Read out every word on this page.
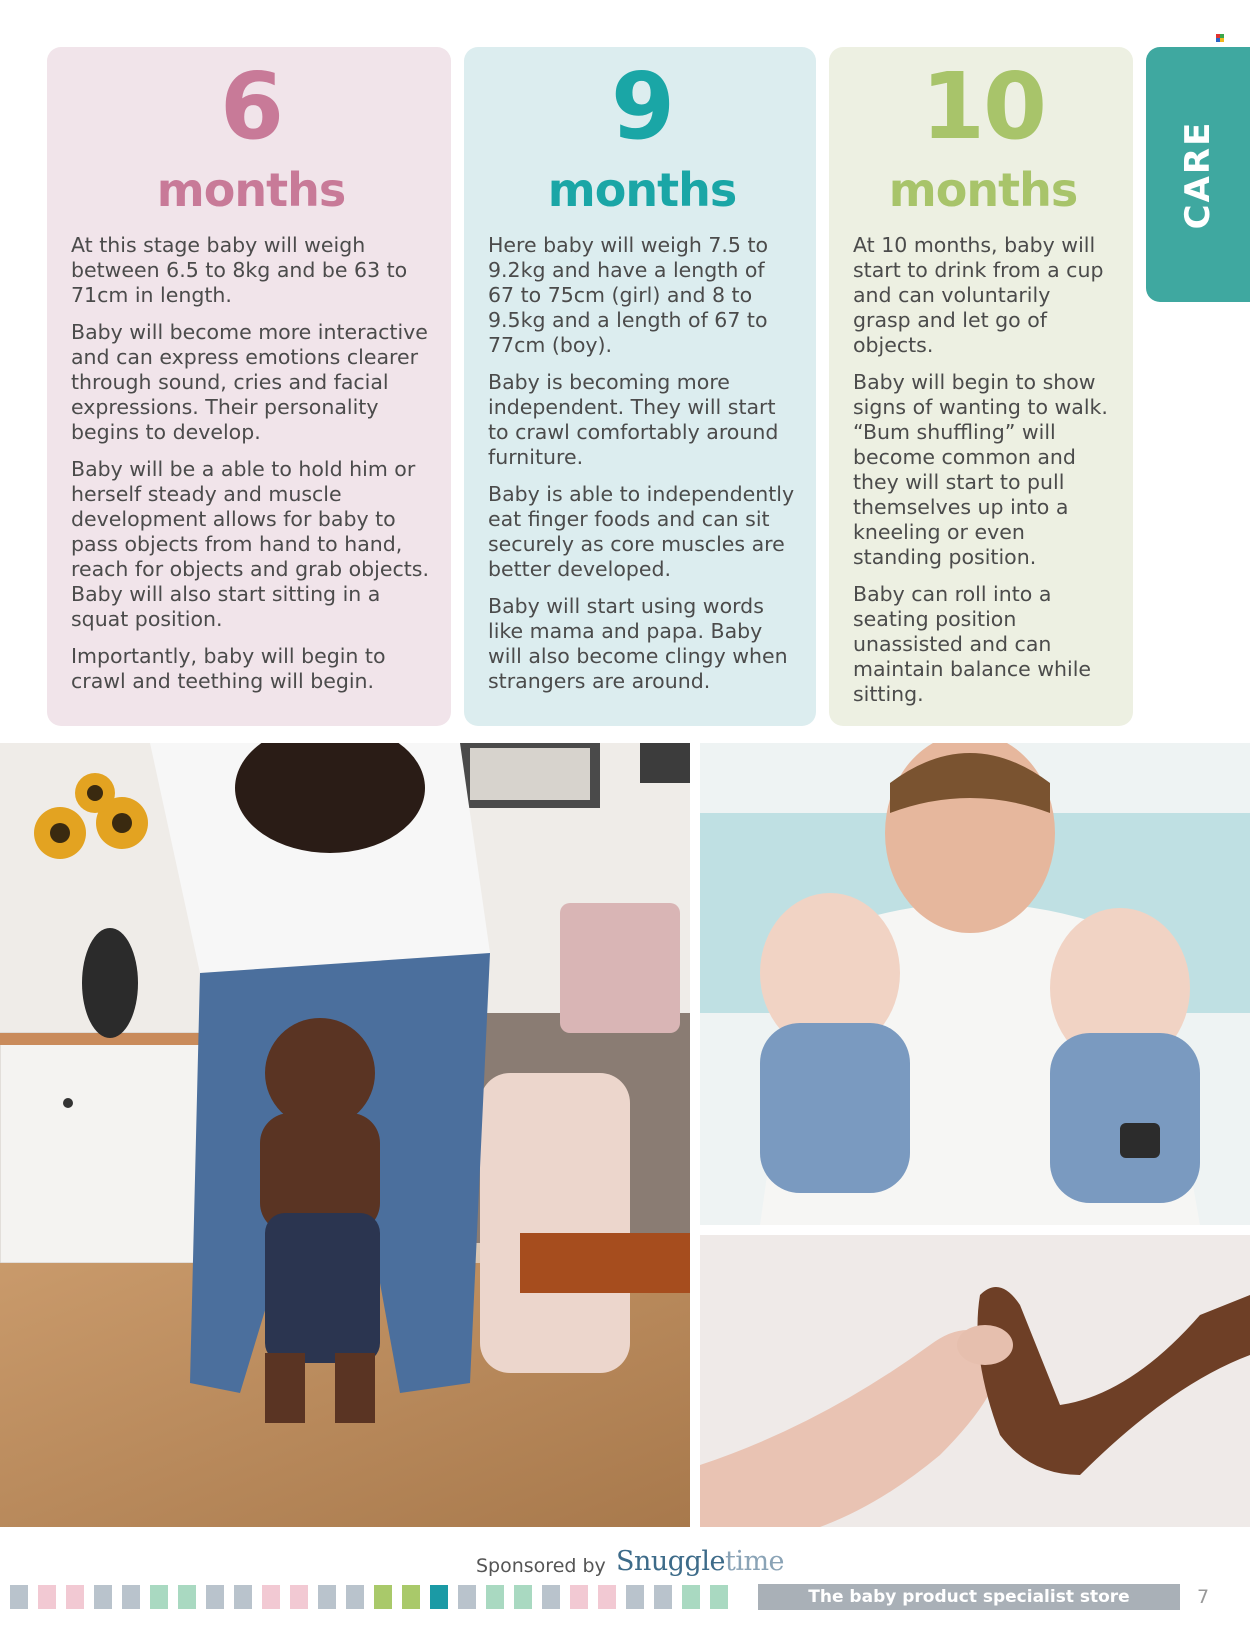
6
months

At this stage baby will weigh between 6.5 to 8kg and be 63 to 71cm in length.

Baby will become more interactive and can express emotions clearer through sound, cries and facial expressions. Their personality begins to develop.

Baby will be a able to hold him or herself steady and muscle development allows for baby to pass objects from hand to hand, reach for objects and grab objects. Baby will also start sitting in a squat position.

Importantly, baby will begin to crawl and teething will begin.

9
months

Here baby will weigh 7.5 to 9.2kg and have a length of 67 to 75cm (girl) and 8 to 9.5kg and a length of 67 to 77cm (boy).

Baby is becoming more independent. They will start to crawl comfortably around furniture.

Baby is able to independently eat finger foods and can sit securely as core muscles are better developed.

Baby will start using words like mama and papa. Baby will also become clingy when strangers are around.

10
months

At 10 months, baby will start to drink from a cup and can voluntarily grasp and let go of objects.

Baby will begin to show signs of wanting to walk. “Bum shuffling” will become common and they will start to pull themselves up into a kneeling or even standing position.

Baby can roll into a seating position unassisted and can maintain balance while sitting.

CARE
Sponsored by Snuggletime
The baby product specialist store	7
